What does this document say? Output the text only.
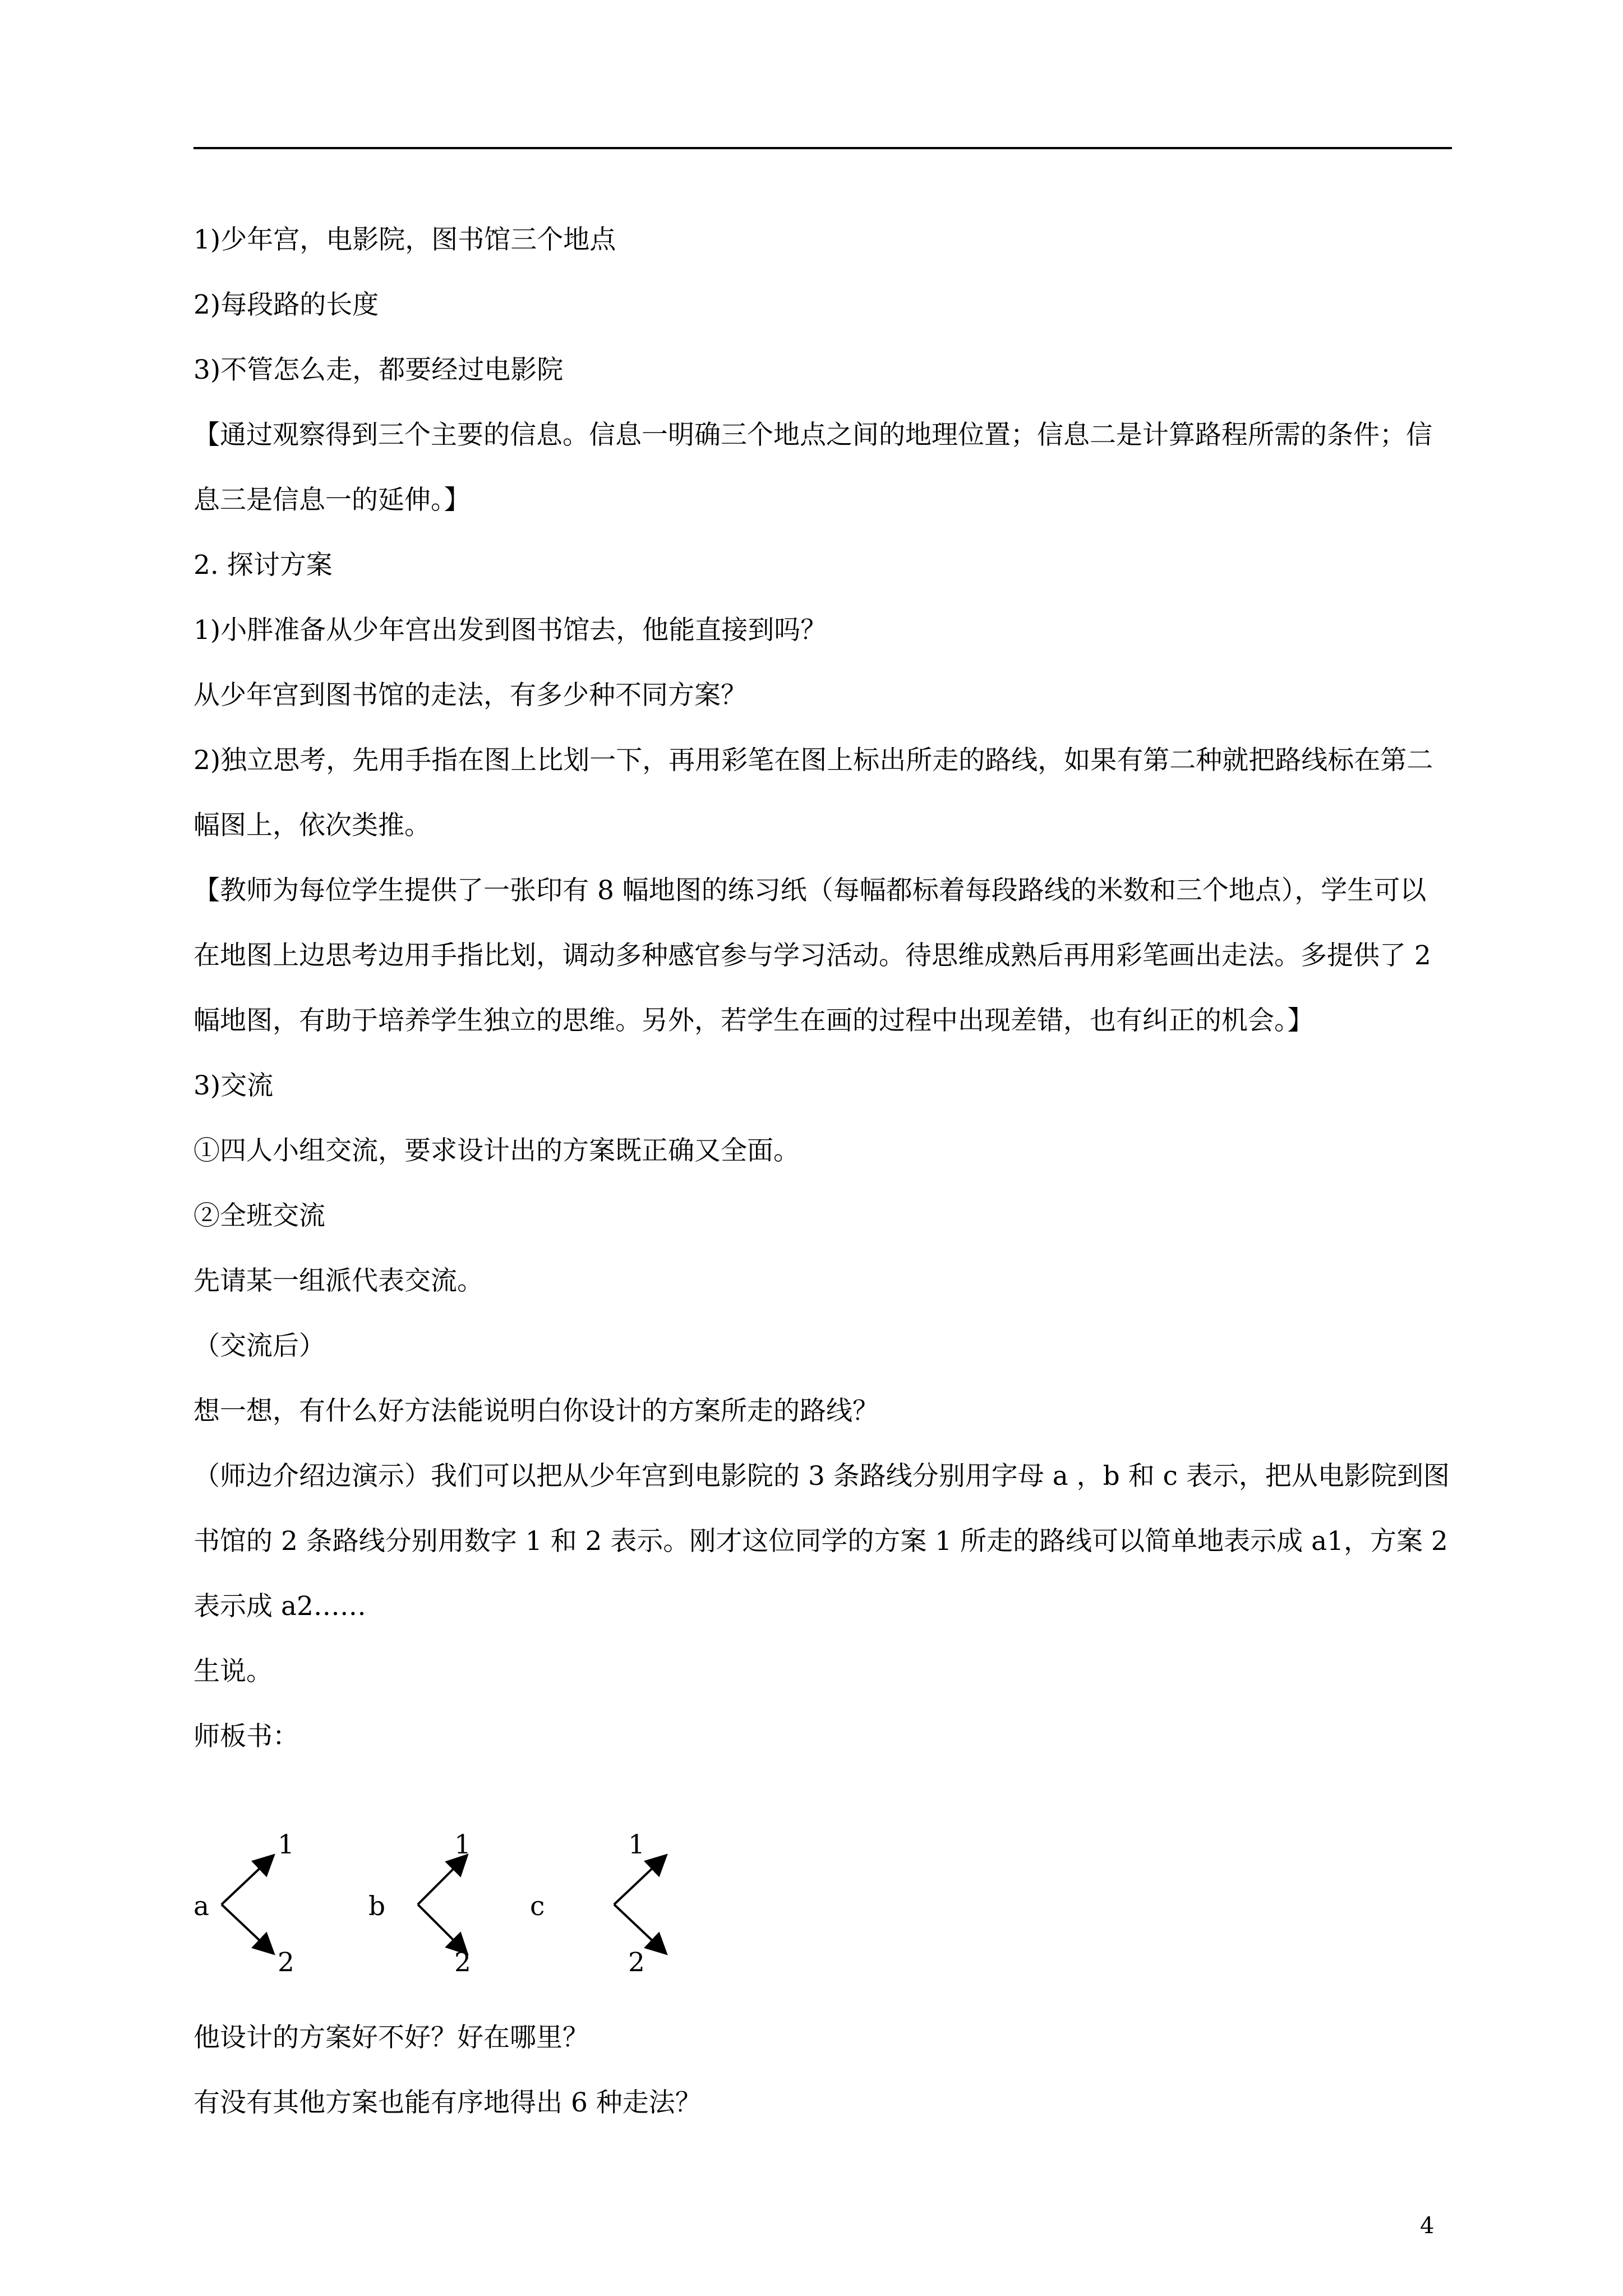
1)少年宫，电影院，图书馆三个地点
2)每段路的长度
3)不管怎么走，都要经过电影院
【通过观察得到三个主要的信息。信息一明确三个地点之间的地理位置；信息二是计算路程所需的条件；信息三是信息一的延伸。】
2. 探讨方案
1)小胖准备从少年宫出发到图书馆去，他能直接到吗？
从少年宫到图书馆的走法，有多少种不同方案？
2)独立思考，先用手指在图上比划一下，再用彩笔在图上标出所走的路线，如果有第二种就把路线标在第二幅图上，依次类推。
【教师为每位学生提供了一张印有 8 幅地图的练习纸（每幅都标着每段路线的米数和三个地点），学生可以在地图上边思考边用手指比划，调动多种感官参与学习活动。待思维成熟后再用彩笔画出走法。多提供了 2 幅地图，有助于培养学生独立的思维。另外，若学生在画的过程中出现差错，也有纠正的机会。】
3)交流
①四人小组交流，要求设计出的方案既正确又全面。
②全班交流
先请某一组派代表交流。
（交流后）
想一想，有什么好方法能说明白你设计的方案所走的路线？
（师边介绍边演示）我们可以把从少年宫到电影院的 3 条路线分别用字母 a ，b 和 c 表示，把从电影院到图书馆的 2 条路线分别用数字 1 和 2 表示。刚才这位同学的方案 1 所走的路线可以简单地表示成 a1，方案 2 表示成 a2……
生说。
师板书：
a
1
2
b
1
2
c
1
2
他设计的方案好不好？好在哪里？
有没有其他方案也能有序地得出 6 种走法？
4
